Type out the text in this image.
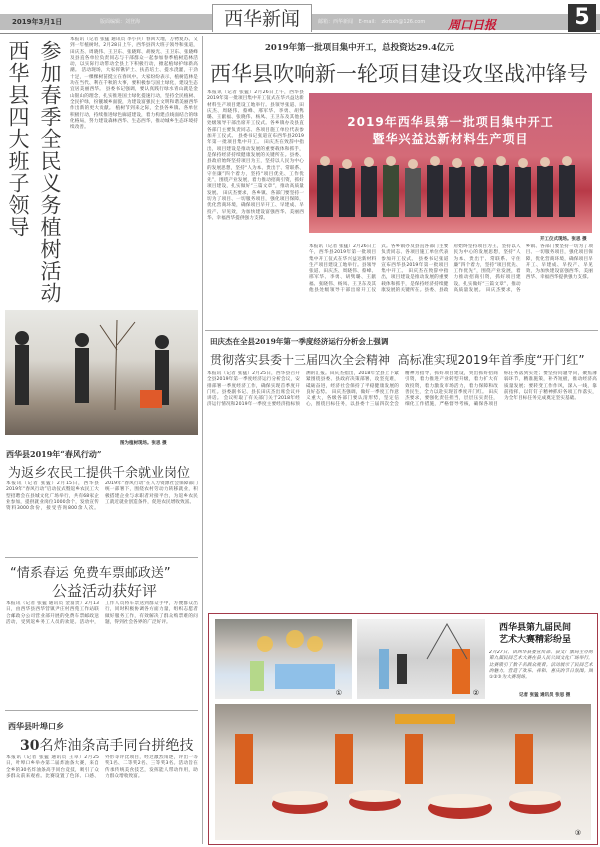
2019年3月1日	版面编辑：刘登海	邮箱：西华新闻 E-mail: zkrbxh@126.com
西华新闻	周口日报	5
西华县四大班子领导 参加春季全民义务植树活动
本报讯（记者 张猛 通讯员 李小兵）春回大地，万物复苏，又到一年植树时。2月28日上午，西华县四大班子领导和张道，田庆杰、周晓伟、王卫东、张晓辉、胡俊光、王卫东、张晓峰及县直各单位负责同志与干部群众一起参加春季植树造林活动，以实际行动带动全县上下积极行动，掀起植绿护绿新高潮。 活动现场，大家挥锹铲土、扶苗培土、提水浇灌，干劲十足，一棵棵树苗挺立在春风中。大家纷纷表示，植树造林是功在当代、利在千秋的大事，要积极参与国土绿化，建设生态宜居美丽西华。 县委书记强调，要认真践行绿水青山就是金山银山的理念，扎实推进国土绿化提速行动，坚持全民植树、全民护绿，扮靓城乡面貌，为建设富强民主文明和谐美丽西华作出新的更大贡献。 植树节到来之际，全县各乡镇、各单位积极行动，持续推进绿色廊道建设，着力构建点线面结合的绿化格局，努力建设森林西华、生态西华，推动城乡生态环境持续改善。
图为植树现场。张思 摄
西华县2019年“春风行动”
为返乡农民工提供千余就业岗位
本报讯（记者 张猛）2月15日，西华县2019年“春风行动”启动仪式暨返乡农民工大型招聘会在县城文化广场举行，共有68家企业参加，提供就业岗位1000余个，发放宣传资料3000余份，接受咨询800余人次。 2019年“春风行动”在人力资源社会保障部门统一部署下，围绕农村劳动力转移就业，积极搭建企业与求职者对接平台，为返乡农民工就近就业创造条件，促进农民增收致富。
“情系春运 免费车票邮政送”
公益活动获好评
本报讯（记者 张猛 通讯员 金富贵）2月13日，由西华县西华营镇尹庄村西苑工作站联合邮政分公司营业部开展的免费车票邮政送活动，受到返乡务工人员的欢迎。活动中，工作人员将车票送到群众手中，方便群众出行，同时积极协调各方面力量，组织志愿者做好服务工作，有效解决了群众购票难的问题，得到社会各界的广泛好评。
西华县叶埠口乡
30名炸油条高手同台拼绝技
本报讯（记者 张猛 通讯员 王卓）2月25日，叶埠口乡举办第二届炸油条大赛，来自全乡的30名炸油条高手同台竞技，吸引了众多群众前来观看。比赛设置了色泽、口感、外形等评比项目，经过激烈角逐，评出一等奖1名、二等奖2名、三等奖3名。活动旨在传承传统美食技艺，发挥能人带动作用，助力群众增收致富。
2019年第一批项目集中开工，总投资达29.4亿元
西华县吹响新一轮项目建设攻坚战冲锋号
本报讯（记者 张猛）2月26日上午，西华县2019年第一批项目集中开工仪式在华兴益达新材料生产项目建设工地举行。县领导张道、田庆杰、周晓伟、蔡峰、邢军华、李勇、胡隽璐、王献福、张晓伟、杨凤、王卫东及其他县处级领导干部出席开工仪式。各乡镇办及县直各部门主要负责同志、各项目施工单位代表参加开工仪式。 县委书记张道宣布西华县2019年第一批项目集中开工。 田庆杰在致辞中指出，项目建设是推动发展的重要载体和抓手，是保持经济持续健康发展的关键所在。县委、县政府始终坚持项目为王，坚持以人民为中心的发展思想，坚持“人为本、贵出于、常联系、守住廉”四个着力，坚持“项目优先、工作优先”，围绕产业发展，着力推动招商引资，抓好项目建设，扎实做好“三篇文章”，推动高质量发展。 田庆杰要求，各乡镇、各部门要坚持一切为了项目、一切服务项目，强化项目保障，优化营商环境，确保项目早开工、早建成、早投产、早见效，为加快建设富强西华、美丽西华、幸福西华提供强力支撑。
2019年西华县第一批项目集中开工
暨华兴益达新材料生产项目
开工仪式现场。张思 摄
本报讯（记者 张猛）2月26日上午，西华县2019年第一批项目集中开工仪式在华兴益达新材料生产项目建设工地举行。县领导张道、田庆杰、周晓伟、蔡峰、邢军华、李勇、胡隽璐、王献福、张晓伟、杨凤、王卫东及其他县处级领导干部出席开工仪式。各乡镇办及县直各部门主要负责同志、各项目施工单位代表参加开工仪式。 县委书记张道宣布西华县2019年第一批项目集中开工。 田庆杰在致辞中指出，项目建设是推动发展的重要载体和抓手，是保持经济持续健康发展的关键所在。县委、县政府始终坚持项目为王，坚持以人民为中心的发展思想，坚持“人为本、贵出于、常联系、守住廉”四个着力，坚持“项目优先、工作优先”，围绕产业发展，着力推动招商引资，抓好项目建设，扎实做好“三篇文章”，推动高质量发展。 田庆杰要求，各乡镇、各部门要坚持一切为了项目、一切服务项目，强化项目保障，优化营商环境，确保项目早开工、早建成、早投产、早见效，为加快建设富强西华、美丽西华、幸福西华提供强力支撑。
田庆杰在全县2019年第一季度经济运行分析会上强调
贯彻落实县委十三届四次全会精神 高标准实现2019年首季度“开门红”
本报讯（记者 张猛）2月25日，西华县召开全县2019年第一季度经济运行分析会议，安排部署一季度经济工作，确保实现首季度开门红。县委副书记、县长田庆杰出席会议并讲话。 会议听取了有关部门关于2018年经济运行情况和2019年一季度主要经济指标预测的汇报。田庆杰指出，2018年全县上下紧紧围绕县委、县政府决策部署，攻坚克难，砥砺奋进，经济社会保持了平稳健康发展的良好态势。 田庆杰强调，做好一季度工作意义重大，各级各部门要认清形势，坚定信心，围绕目标任务，以县委十三届四次全会精神为指导，抓好项目建设，突出抓好招商引资，着力推进产业转型升级，着力扩大有效投资，着力激发市场活力，着力保障和改善民生，全力以赴实现首季度开门红。 田庆杰要求，要强化责任担当，层层压实责任，细化工作措施，严格督导考核，确保各项目标任务落到实处；要坚持问题导向，聚焦薄弱环节，精准施策，补齐短板，推动经济高质量发展；要转变工作作风，深入一线，靠前指挥，以钉钉子精神抓好各项工作落实，为全年目标任务完成奠定坚实基础。
①	②
西华县第九届民间
艺术大赛精彩纷呈
2月27日，由西华县委宣传部、县文广旅局主办的第九届民间艺术大赛在县人民公园文化广场举行，比赛吸引了数千名群众观看。活动展示了民间艺术的魅力，营造了欢乐、祥和、喜庆的节日氛围。图①②③为大赛现场。
记者 张猛 通讯员 张思 摄
③
